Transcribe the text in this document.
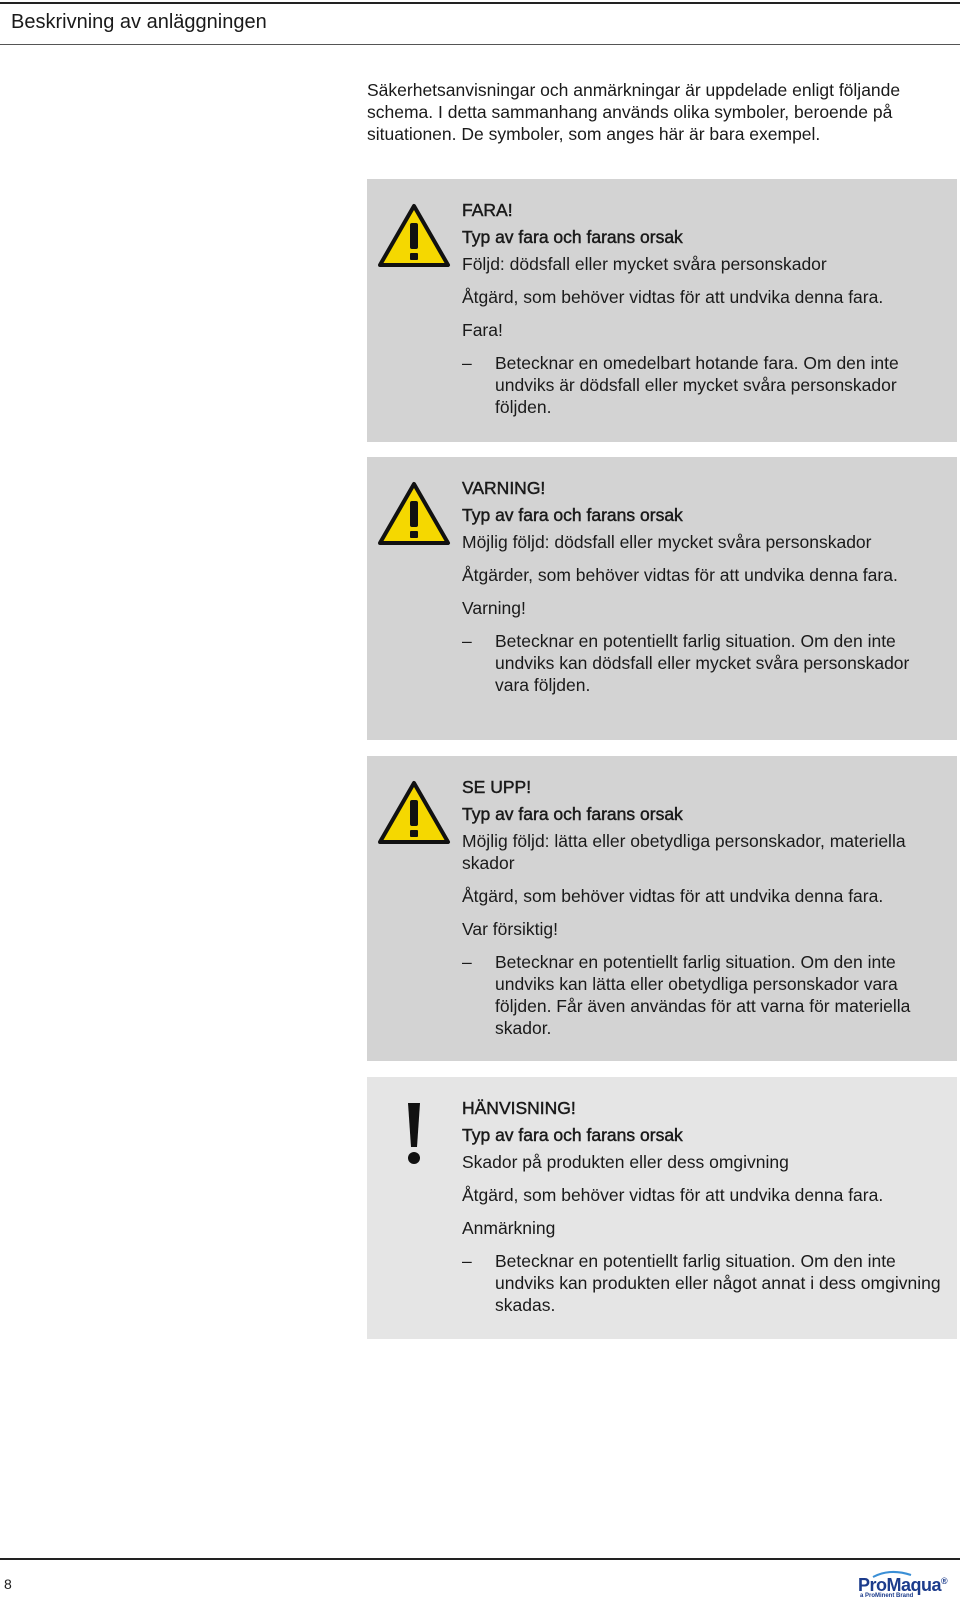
Beskrivning av anläggningen

Säkerhetsanvisningar och anmärkningar är uppdelade enligt följande schema. I detta sammanhang används olika symboler, beroende på situationen. De symboler, som anges här är bara exempel.

FARA!
Typ av fara och farans orsak
Följd: dödsfall eller mycket svåra personskador
Åtgärd, som behöver vidtas för att undvika denna fara.
Fara!
– Betecknar en omedelbart hotande fara. Om den inte undviks är dödsfall eller mycket svåra personskador följden.
VARNING!
Typ av fara och farans orsak
Möjlig följd: dödsfall eller mycket svåra personskador
Åtgärder, som behöver vidtas för att undvika denna fara.
Varning!
– Betecknar en potentiellt farlig situation. Om den inte undviks kan dödsfall eller mycket svåra personskador vara följden.
SE UPP!
Typ av fara och farans orsak
Möjlig följd: lätta eller obetydliga personskador, materiella skador
Åtgärd, som behöver vidtas för att undvika denna fara.
Var försiktig!
– Betecknar en potentiellt farlig situation. Om den inte undviks kan lätta eller obetydliga personskador vara följden. Får även användas för att varna för materiella skador.
HÄNVISNING!
Typ av fara och farans orsak
Skador på produkten eller dess omgivning
Åtgärd, som behöver vidtas för att undvika denna fara.
Anmärkning
– Betecknar en potentiellt farlig situation. Om den inte undviks kan produkten eller något annat i dess omgivning skadas.
8	ProMaqua®
a ProMinent Brand
